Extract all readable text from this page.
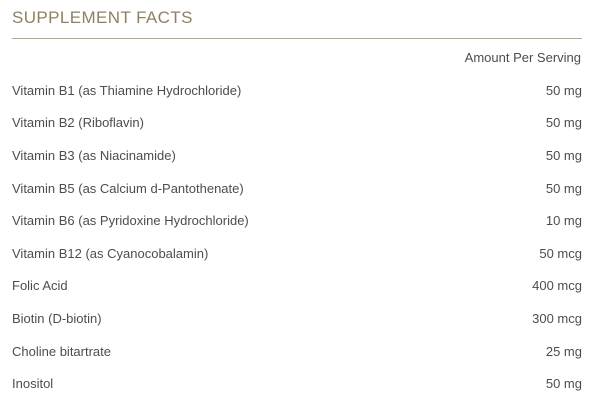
SUPPLEMENT FACTS
Amount Per Serving
Vitamin B1 (as Thiamine Hydrochloride)	50 mg
Vitamin B2 (Riboflavin)	50 mg
Vitamin B3 (as Niacinamide)	50 mg
Vitamin B5 (as Calcium d-Pantothenate)	50 mg
Vitamin B6 (as Pyridoxine Hydrochloride)	10 mg
Vitamin B12 (as Cyanocobalamin)	50 mcg
Folic Acid	400 mcg
Biotin (D-biotin)	300 mcg
Choline bitartrate	25 mg
Inositol	50 mg
